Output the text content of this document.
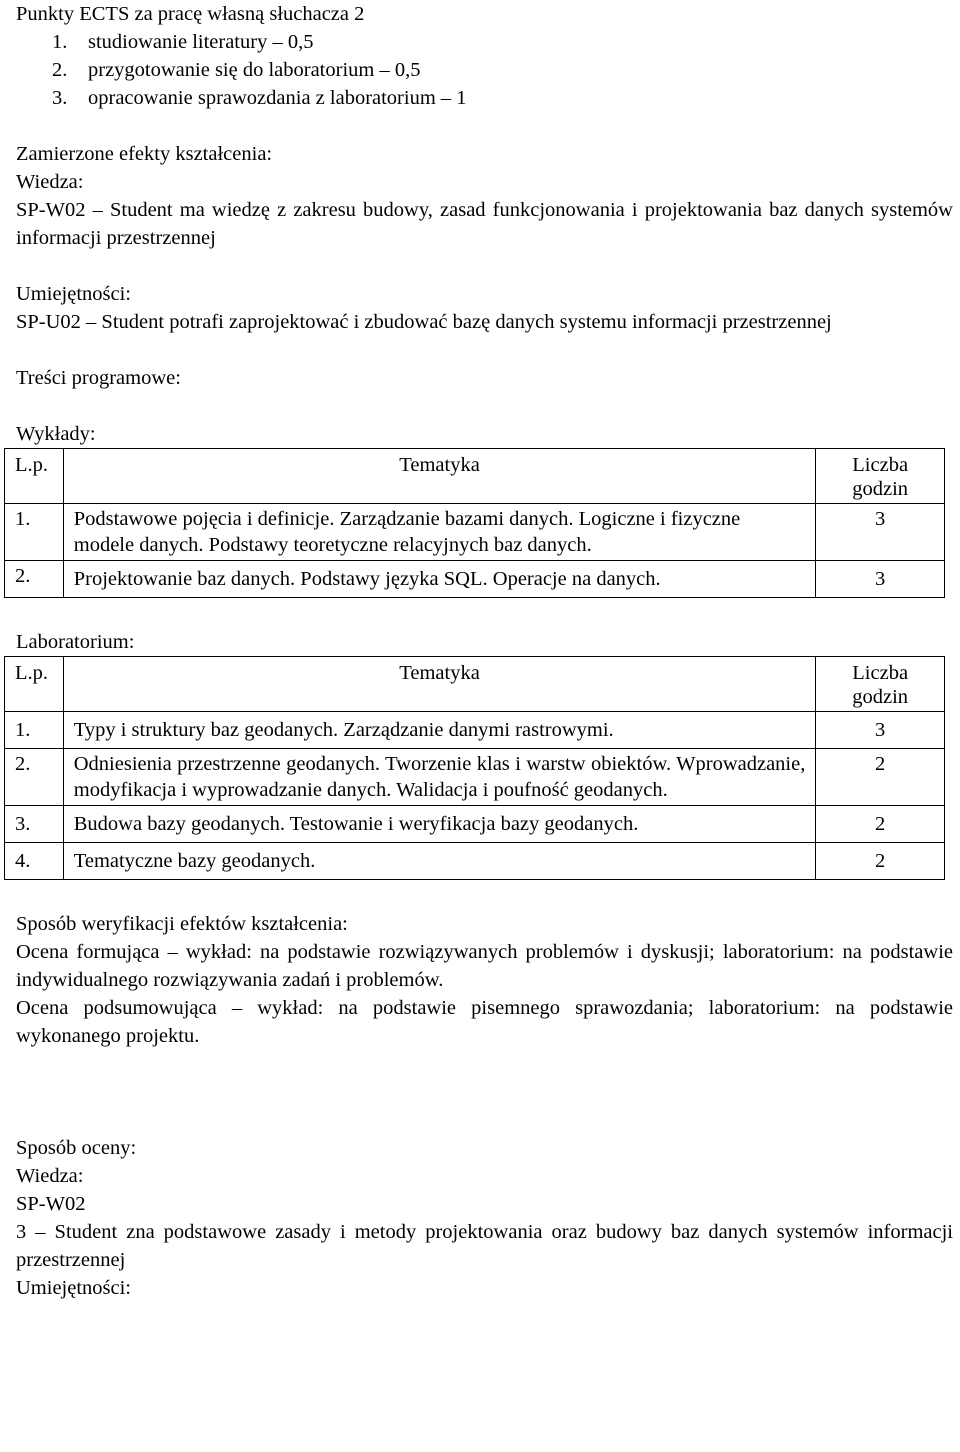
Punkty ECTS za pracę własną słuchacza 2

1.	studiowanie literatury – 0,5
2.	przygotowanie się do laboratorium – 0,5
3.	opracowanie sprawozdania z laboratorium – 1

Zamierzone efekty kształcenia:

Wiedza:

SP-W02 – Student ma wiedzę z zakresu budowy, zasad funkcjonowania i projektowania baz danych systemów informacji przestrzennej

Umiejętności:

SP-U02 – Student potrafi zaprojektować i zbudować bazę danych systemu informacji przestrzennej

Treści programowe:

Wykłady:

L.p.	Tematyka	Liczba godzin
1.	Podstawowe pojęcia i definicje. Zarządzanie bazami danych. Logiczne i fizyczne modele danych. Podstawy teoretyczne relacyjnych baz danych.	3
2.	Projektowanie baz danych. Podstawy języka SQL. Operacje na danych.	3

Laboratorium:

L.p.	Tematyka	Liczba godzin
1.	Typy i struktury baz geodanych. Zarządzanie danymi rastrowymi.	3
2.	Odniesienia przestrzenne geodanych. Tworzenie klas i warstw obiektów. Wprowadzanie, modyfikacja i wyprowadzanie danych. Walidacja i poufność geodanych.	2
3.	Budowa bazy geodanych. Testowanie i weryfikacja bazy geodanych.	2
4.	Tematyczne bazy geodanych.	2

Sposób weryfikacji efektów kształcenia:

Ocena formująca – wykład: na podstawie rozwiązywanych problemów i dyskusji; laboratorium: na podstawie indywidualnego rozwiązywania zadań i problemów.

Ocena podsumowująca – wykład: na podstawie pisemnego sprawozdania; laboratorium: na podstawie wykonanego projektu.

Sposób oceny:

Wiedza:

SP-W02

3 – Student zna podstawowe zasady i metody projektowania oraz budowy baz danych systemów informacji przestrzennej

Umiejętności:
